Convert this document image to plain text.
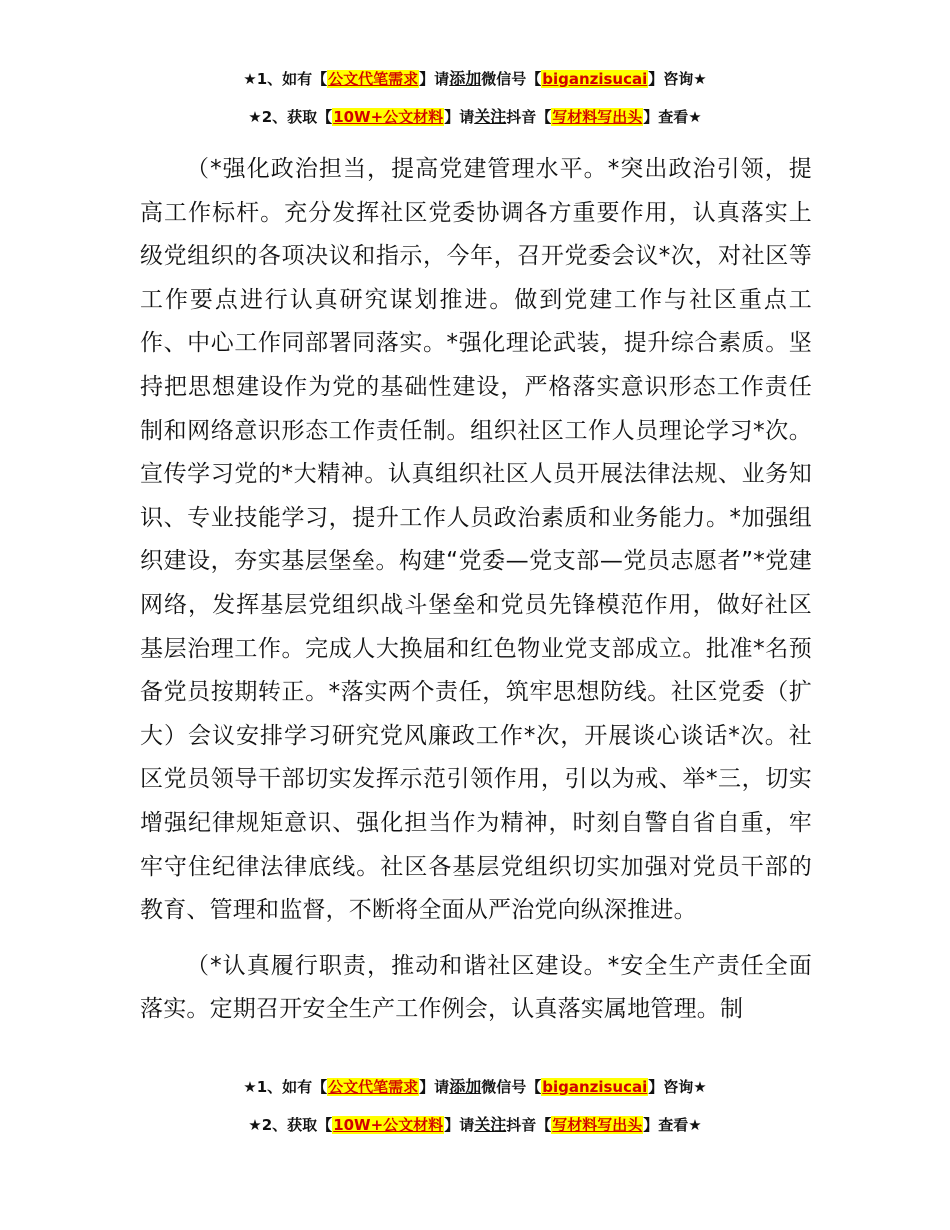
★1、如有【公文代笔需求】请添加微信号【biganzisucai】咨询★
★2、获取【10W+公文材料】请关注抖音【写材料写出头】查看★

（*强化政治担当，提高党建管理水平。*突出政治引领，提高工作标杆。充分发挥社区党委协调各方重要作用，认真落实上级党组织的各项决议和指示，今年，召开党委会议*次，对社区等工作要点进行认真研究谋划推进。做到党建工作与社区重点工作、中心工作同部署同落实。*强化理论武装，提升综合素质。坚持把思想建设作为党的基础性建设，严格落实意识形态工作责任制和网络意识形态工作责任制。组织社区工作人员理论学习*次。宣传学习党的*大精神。认真组织社区人员开展法律法规、业务知识、专业技能学习，提升工作人员政治素质和业务能力。*加强组织建设，夯实基层堡垒。构建“党委—党支部—党员志愿者”*党建网络，发挥基层党组织战斗堡垒和党员先锋模范作用，做好社区基层治理工作。完成人大换届和红色物业党支部成立。批准*名预备党员按期转正。*落实两个责任，筑牢思想防线。社区党委（扩大）会议安排学习研究党风廉政工作*次，开展谈心谈话*次。社区党员领导干部切实发挥示范引领作用，引以为戒、举*三，切实增强纪律规矩意识、强化担当作为精神，时刻自警自省自重，牢牢守住纪律法律底线。社区各基层党组织切实加强对党员干部的教育、管理和监督，不断将全面从严治党向纵深推进。

（*认真履行职责，推动和谐社区建设。*安全生产责任全面落实。定期召开安全生产工作例会，认真落实属地管理。制

★1、如有【公文代笔需求】请添加微信号【biganzisucai】咨询★
★2、获取【10W+公文材料】请关注抖音【写材料写出头】查看★
